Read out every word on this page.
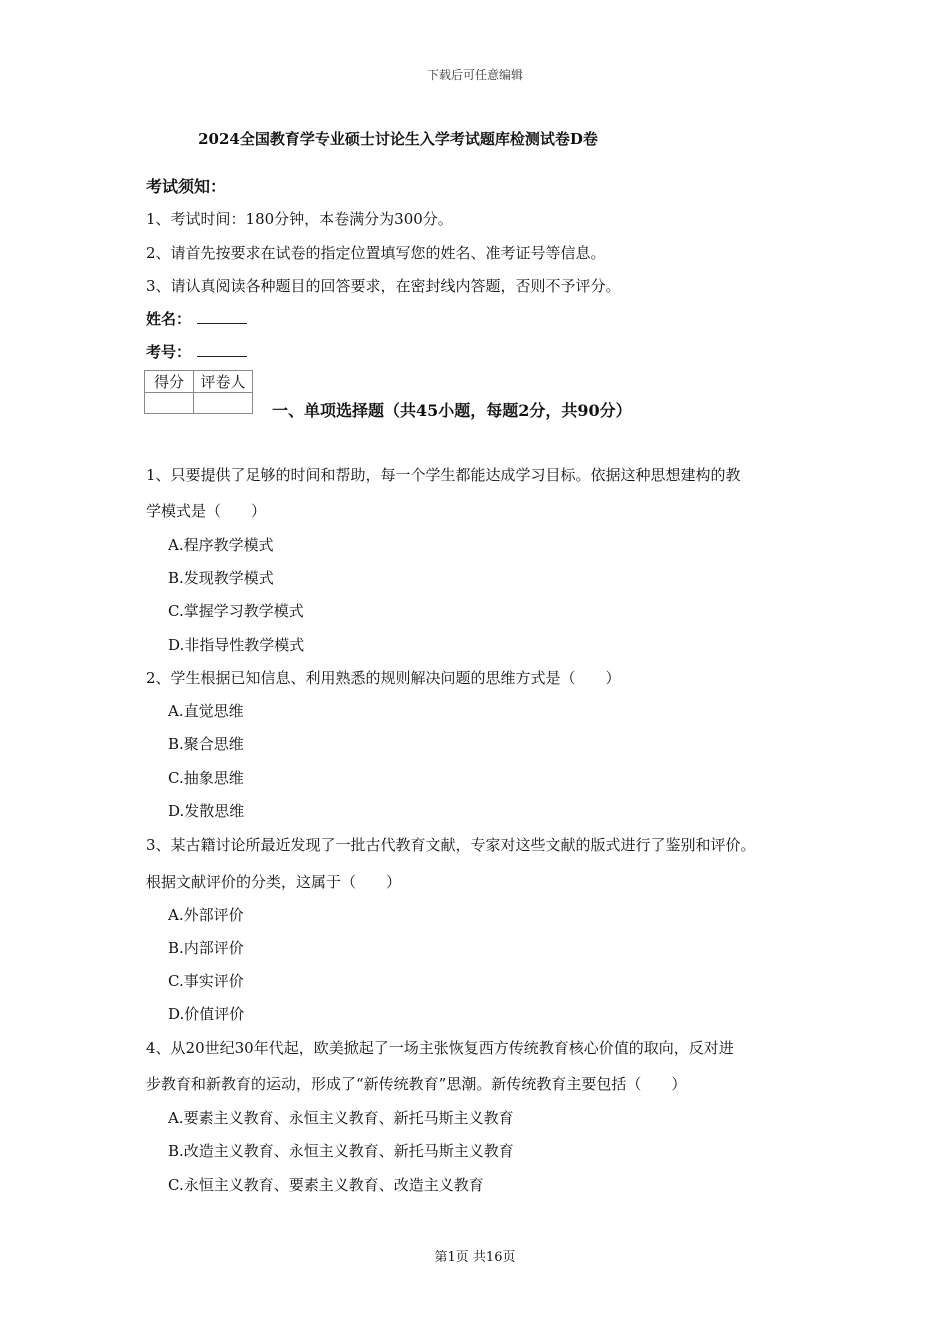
下载后可任意编辑
2024全国教育学专业硕士讨论生入学考试题库检测试卷D卷
考试须知：
1、考试时间：180分钟，本卷满分为300分。
2、请首先按要求在试卷的指定位置填写您的姓名、准考证号等信息。
3、请认真阅读各种题目的回答要求，在密封线内答题，否则不予评分。
姓名：
考号：
得分	评卷人

一、单项选择题（共45小题，每题2分，共90分）
1、只要提供了足够的时间和帮助，每一个学生都能达成学习目标。依据这种思想建构的教
学模式是（　　）
A.程序教学模式
B.发现教学模式
C.掌握学习教学模式
D.非指导性教学模式
2、学生根据已知信息、利用熟悉的规则解决问题的思维方式是（　　）
A.直觉思维
B.聚合思维
C.抽象思维
D.发散思维
3、某古籍讨论所最近发现了一批古代教育文献，专家对这些文献的版式进行了鉴别和评价。
根据文献评价的分类，这属于（　　）
A.外部评价
B.内部评价
C.事实评价
D.价值评价
4、从20世纪30年代起，欧美掀起了一场主张恢复西方传统教育核心价值的取向，反对进
步教育和新教育的运动，形成了“新传统教育”思潮。新传统教育主要包括（　　）
A.要素主义教育、永恒主义教育、新托马斯主义教育
B.改造主义教育、永恒主义教育、新托马斯主义教育
C.永恒主义教育、要素主义教育、改造主义教育
第1页 共16页
